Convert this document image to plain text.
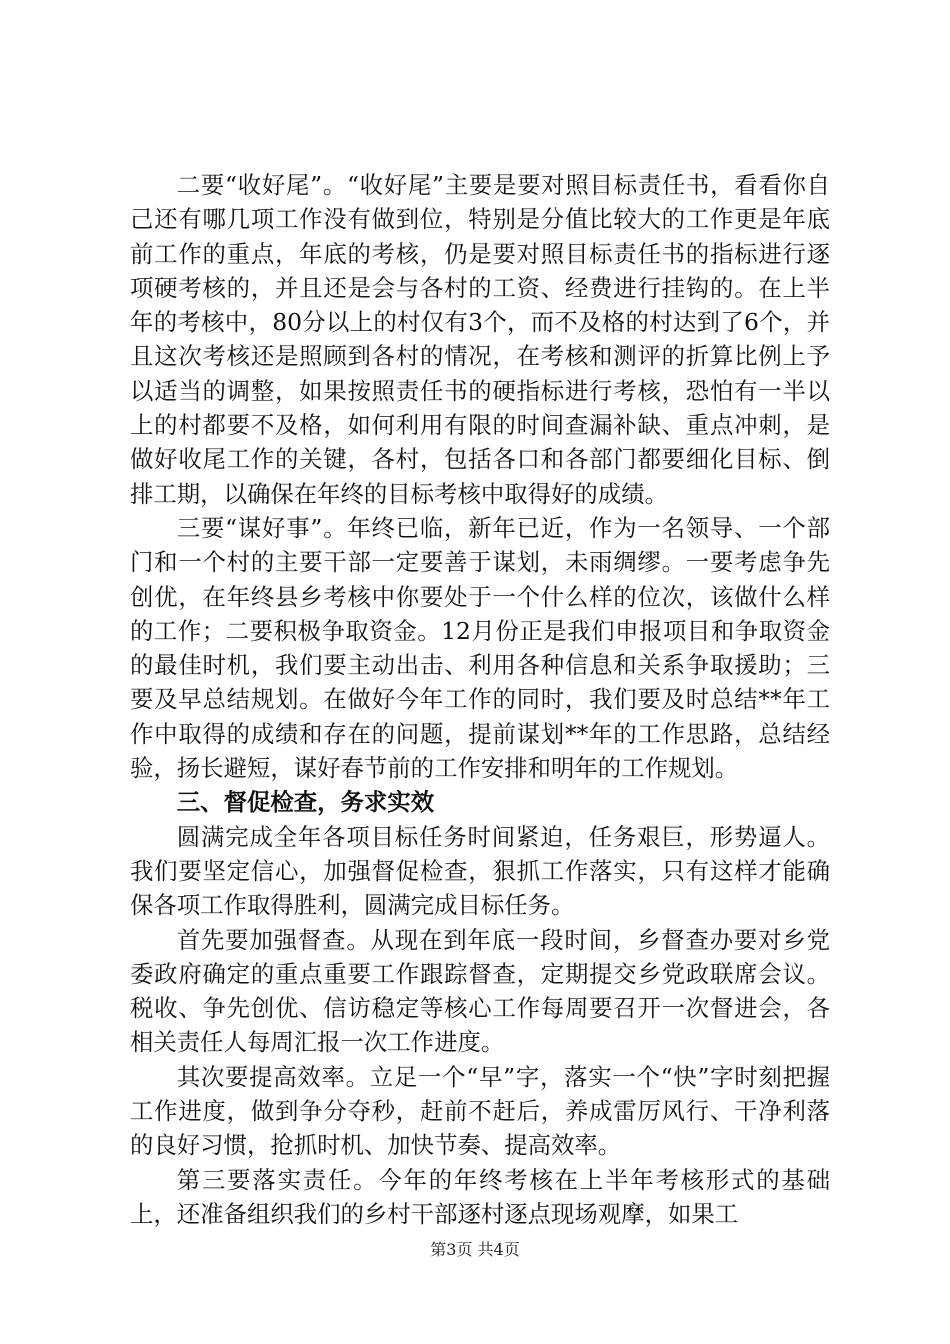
二要“收好尾”。“收好尾”主要是要对照目标责任书，看看你自己还有哪几项工作没有做到位，特别是分值比较大的工作更是年底前工作的重点，年底的考核，仍是要对照目标责任书的指标进行逐项硬考核的，并且还是会与各村的工资、经费进行挂钩的。在上半年的考核中，80分以上的村仅有3个，而不及格的村达到了6个，并且这次考核还是照顾到各村的情况，在考核和测评的折算比例上予以适当的调整，如果按照责任书的硬指标进行考核，恐怕有一半以上的村都要不及格，如何利用有限的时间查漏补缺、重点冲刺，是做好收尾工作的关键，各村，包括各口和各部门都要细化目标、倒排工期，以确保在年终的目标考核中取得好的成绩。

三要“谋好事”。年终已临，新年已近，作为一名领导、一个部门和一个村的主要干部一定要善于谋划，未雨绸缪。一要考虑争先创优，在年终县乡考核中你要处于一个什么样的位次，该做什么样的工作；二要积极争取资金。12月份正是我们申报项目和争取资金的最佳时机，我们要主动出击、利用各种信息和关系争取援助；三要及早总结规划。在做好今年工作的同时，我们要及时总结**年工作中取得的成绩和存在的问题，提前谋划**年的工作思路，总结经验，扬长避短，谋好春节前的工作安排和明年的工作规划。

三、督促检查，务求实效

圆满完成全年各项目标任务时间紧迫，任务艰巨，形势逼人。我们要坚定信心，加强督促检查，狠抓工作落实，只有这样才能确保各项工作取得胜利，圆满完成目标任务。

首先要加强督查。从现在到年底一段时间，乡督查办要对乡党委政府确定的重点重要工作跟踪督查，定期提交乡党政联席会议。税收、争先创优、信访稳定等核心工作每周要召开一次督进会，各相关责任人每周汇报一次工作进度。

其次要提高效率。立足一个“早”字，落实一个“快”字时刻把握工作进度，做到争分夺秒，赶前不赶后，养成雷厉风行、干净利落的良好习惯，抢抓时机、加快节奏、提高效率。

第三要落实责任。今年的年终考核在上半年考核形式的基础上，还准备组织我们的乡村干部逐村逐点现场观摩，如果工

第3页 共4页
